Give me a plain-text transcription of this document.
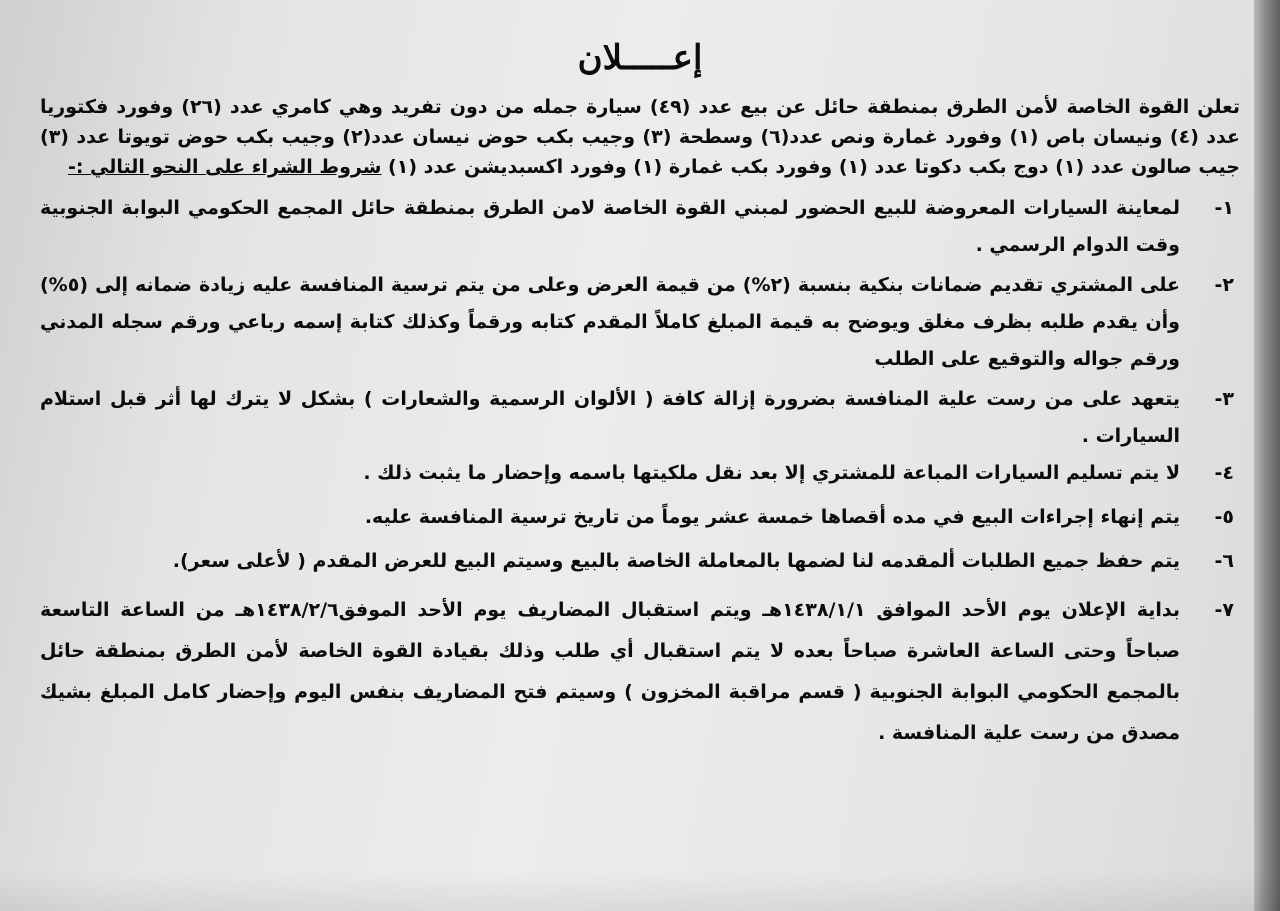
إعـــــلان

تعلن القوة الخاصة لأمن الطرق بمنطقة حائل عن بيع عدد (٤٩) سيارة جمله من دون تفريد وهي كامري عدد (٢٦) وفورد فكتوريا عدد (٤) ونيسان باص (١) وفورد غمارة ونص عدد(٦) وسطحة (٣) وجيب بكب حوض نيسان عدد(٢) وجيب بكب حوض تويوتا عدد (٣) جيب صالون عدد (١) دوج بكب دكوتا عدد (١) وفورد بكب غمارة (١) وفورد اكسبديشن عدد (١) شروط الشراء على النحو التالي :-

١-
لمعاينة السيارات المعروضة للبيع الحضور لمبني القوة الخاصة لامن الطرق بمنطقة حائل المجمع الحكومي البوابة الجنوبية وقت الدوام الرسمي .
٢-
على المشتري تقديم ضمانات بنكية بنسبة (٢%) من قيمة العرض وعلى من يتم ترسية المنافسة عليه زيادة ضمانه إلى (٥%) وأن يقدم طلبه بظرف مغلق ويوضح به قيمة المبلغ كاملاً المقدم كتابه ورقماً وكذلك كتابة إسمه رباعي ورقم سجله المدني ورقم جواله والتوقيع على الطلب
٣-
يتعهد على من رست علية المنافسة بضرورة إزالة كافة ( الألوان الرسمية والشعارات ) بشكل لا يترك لها أثر قبل استلام السيارات .
٤-
لا يتم تسليم السيارات المباعة للمشتري إلا بعد نقل ملكيتها باسمه وإحضار ما يثبت ذلك .
٥-
يتم إنهاء إجراءات البيع في مده أقصاها خمسة عشر يوماً من تاريخ ترسية المنافسة عليه.
٦-
يتم حفظ جميع الطلبات ألمقدمه لنا لضمها بالمعاملة الخاصة بالبيع وسيتم البيع للعرض المقدم ( لأعلى سعر).
٧-
بداية الإعلان يوم الأحد الموافق ١٤٣٨/١/١هـ ويتم استقبال المضاريف يوم الأحد الموفق١٤٣٨/٢/٦هـ من الساعة التاسعة صباحاً وحتى الساعة العاشرة صباحاً بعده لا يتم استقبال أي طلب وذلك بقيادة القوة الخاصة لأمن الطرق بمنطقة حائل بالمجمع الحكومي البوابة الجنوبية ( قسم مراقبة المخزون ) وسيتم فتح المضاريف بنفس اليوم وإحضار كامل المبلغ بشيك مصدق من رست علية المنافسة .
